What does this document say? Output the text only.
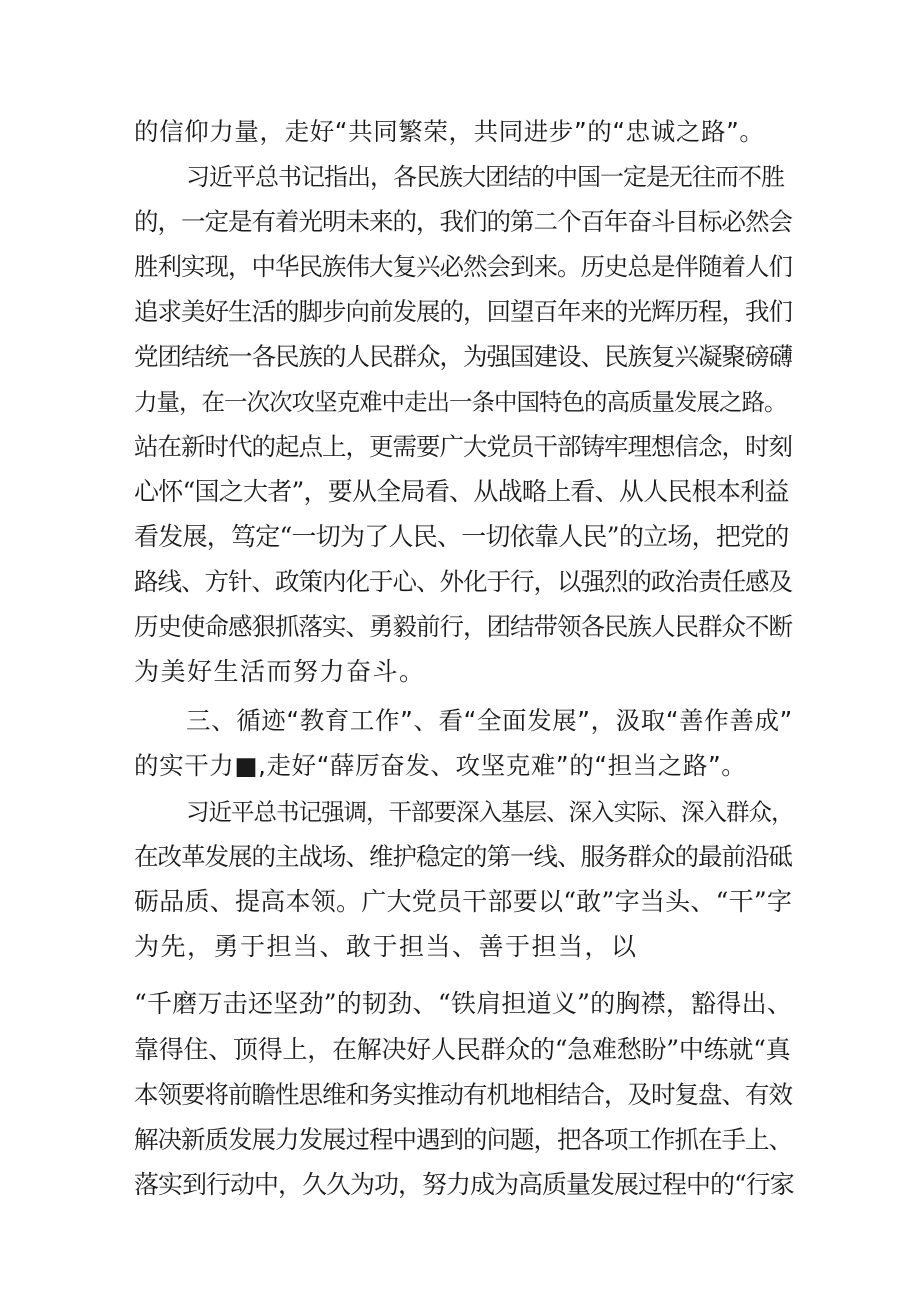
的信仰力量，走好“共同繁荣，共同进步”的“忠诚之路”。
习近平总书记指出，各民族大团结的中国一定是无往而不胜
的，一定是有着光明未来的，我们的第二个百年奋斗目标必然会
胜利实现，中华民族伟大复兴必然会到来。历史总是伴随着人们
追求美好生活的脚步向前发展的，回望百年来的光辉历程，我们
党团结统一各民族的人民群众，为强国建设、民族复兴凝聚磅礴
力量，在一次次攻坚克难中走出一条中国特色的高质量发展之路。
站在新时代的起点上，更需要广大党员干部铸牢理想信念，时刻
心怀“国之大者”，要从全局看、从战略上看、从人民根本利益
看发展，笃定“一切为了人民、一切依靠人民”的立场，把党的
路线、方针、政策内化于心、外化于行，以强烈的政治责任感及
历史使命感狠抓落实、勇毅前行，团结带领各民族人民群众不断
为美好生活而努力奋斗。
三、循迹“教育工作”、看“全面发展”，汲取“善作善成”
的实干力■,走好“薛厉奋发、攻坚克难”的“担当之路”。
习近平总书记强调，干部要深入基层、深入实际、深入群众，
在改革发展的主战场、维护稳定的第一线、服务群众的最前沿砥
砺品质、提高本领。广大党员干部要以“敢”字当头、“干”字
为先，勇于担当、敢于担当、善于担当，以
“千磨万击还坚劲”的韧劲、“铁肩担道义”的胸襟，豁得出、
靠得住、顶得上，在解决好人民群众的“急难愁盼”中练就“真
本领要将前瞻性思维和务实推动有机地相结合，及时复盘、有效
解决新质发展力发展过程中遇到的问题，把各项工作抓在手上、
落实到行动中，久久为功，努力成为高质量发展过程中的“行家
